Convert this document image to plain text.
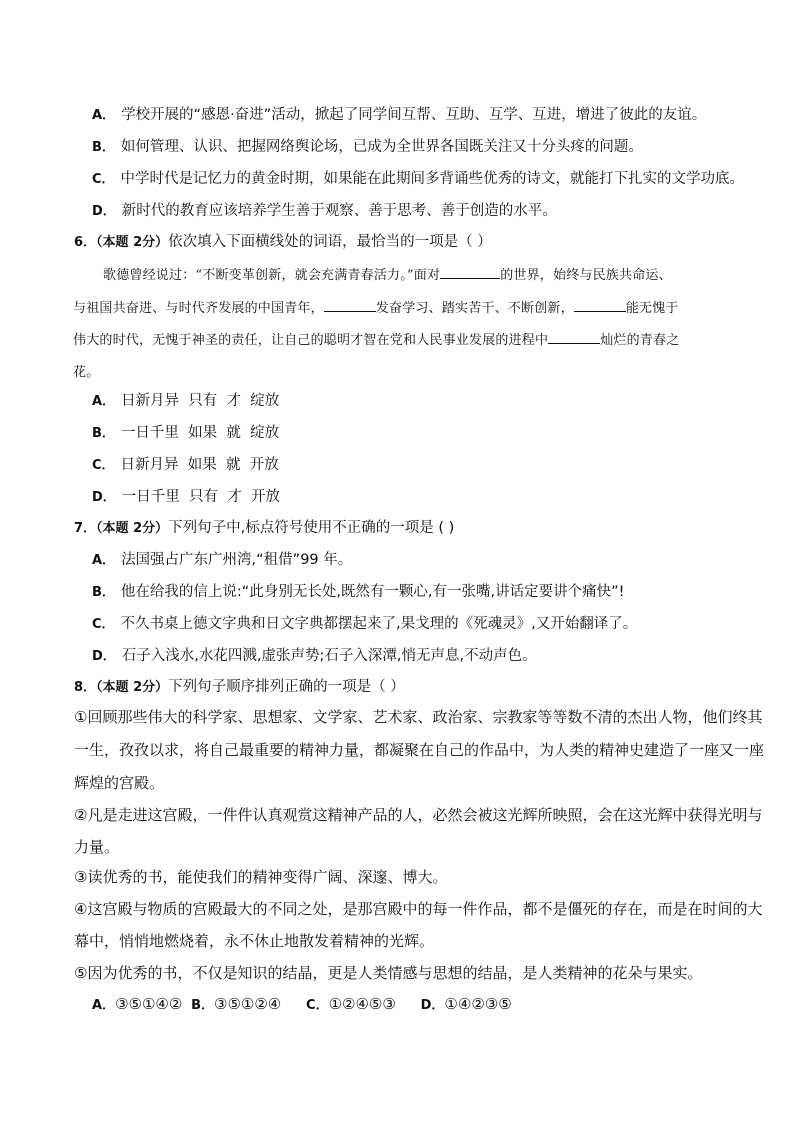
A． 学校开展的“感恩·奋进”活动，掀起了同学间互帮、互助、互学、互进，增进了彼此的友谊。
B． 如何管理、认识、把握网络舆论场，已成为全世界各国既关注又十分头疼的问题。
C． 中学时代是记忆力的黄金时期，如果能在此期间多背诵些优秀的诗文，就能打下扎实的文学功底。
D． 新时代的教育应该培养学生善于观察、善于思考、善于创造的水平。
6．（本题 2分）依次填入下面横线处的词语，最恰当的一项是（ ）
歌德曾经说过：“不断变革创新，就会充满青春活力。”面对	的世界，始终与民族共命运、
与祖国共奋进、与时代齐发展的中国青年，	发奋学习、踏实苦干、不断创新，	能无愧于
伟大的时代，无愧于神圣的责任，让自己的聪明才智在党和人民事业发展的进程中	灿烂的青春之
花。
A． 日新月异  只有  才  绽放
B． 一日千里  如果  就  绽放
C． 日新月异  如果  就  开放
D． 一日千里  只有  才  开放
7．（本题 2分）下列句子中,标点符号使用不正确的一项是 ( )
A． 法国强占广东广州湾,“租借”99 年。
B． 他在给我的信上说:“此身别无长处,既然有一颗心,有一张嘴,讲话定要讲个痛快”!
C． 不久书桌上德文字典和日文字典都摆起来了,果戈理的《死魂灵》,又开始翻译了。
D． 石子入浅水,水花四溅,虚张声势;石子入深潭,悄无声息,不动声色。
8．（本题 2分）下列句子顺序排列正确的一项是（ ）
①回顾那些伟大的科学家、思想家、文学家、艺术家、政治家、宗教家等等数不清的杰出人物，他们终其
一生，孜孜以求，将自己最重要的精神力量，都凝聚在自己的作品中，为人类的精神史建造了一座又一座
辉煌的宫殿。
②凡是走进这宫殿，一件件认真观赏这精神产品的人，必然会被这光辉所映照，会在这光辉中获得光明与
力量。
③读优秀的书，能使我们的精神变得广阔、深邃、博大。
④这宫殿与物质的宫殿最大的不同之处，是那宫殿中的每一件作品，都不是僵死的存在，而是在时间的大
幕中，悄悄地燃烧着，永不休止地散发着精神的光辉。
⑤因为优秀的书，不仅是知识的结晶，更是人类情感与思想的结晶，是人类精神的花朵与果实。
A．③⑤①④② B．③⑤①②④ C．①②④⑤③ D．①④②③⑤
